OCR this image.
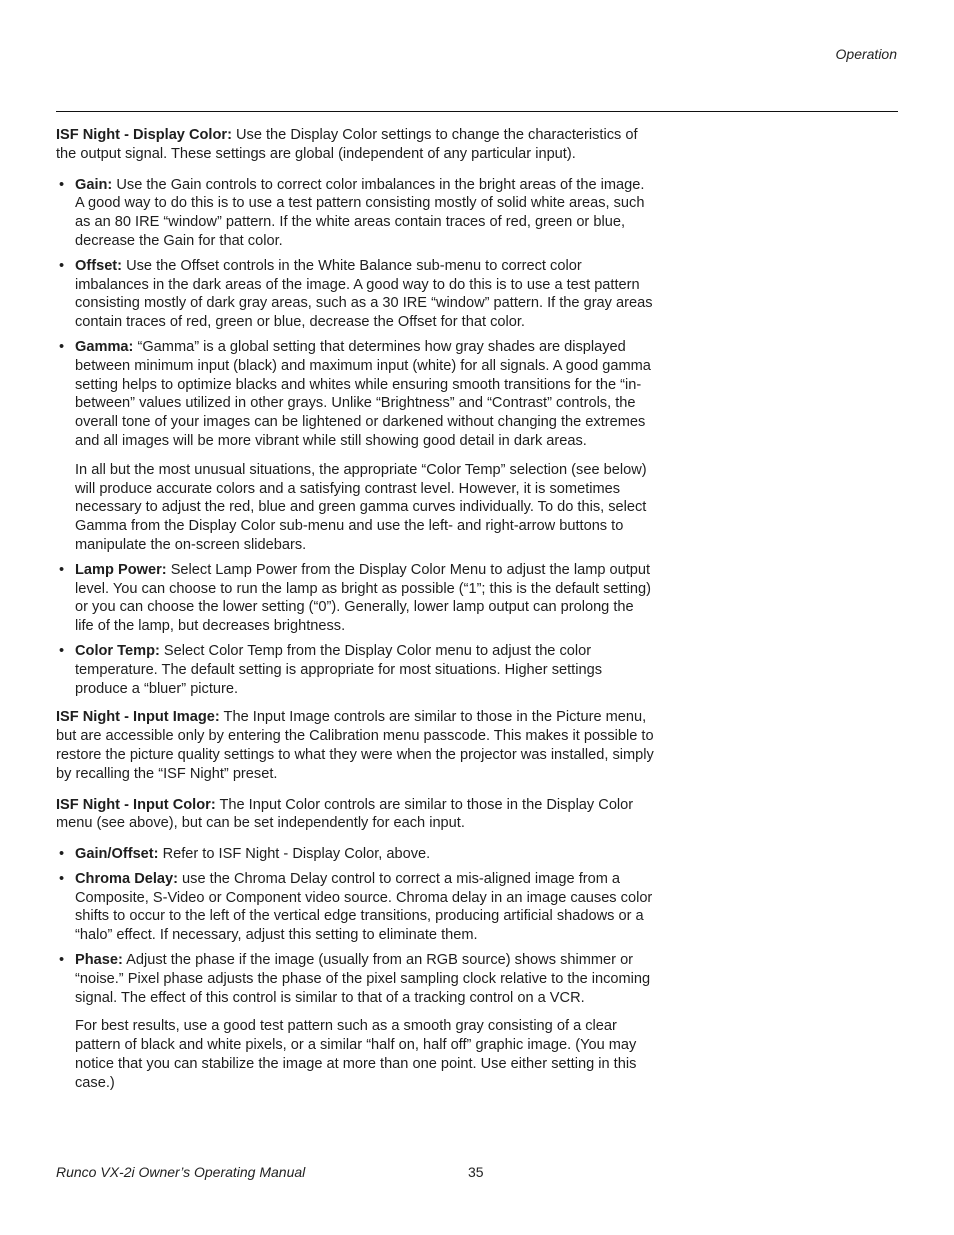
Operation

ISF Night - Display Color: Use the Display Color settings to change the characteristics of the output signal. These settings are global (independent of any particular input).

• Gain: Use the Gain controls to correct color imbalances in the bright areas of the image. A good way to do this is to use a test pattern consisting mostly of solid white areas, such as an 80 IRE “window” pattern. If the white areas contain traces of red, green or blue, decrease the Gain for that color.
• Offset: Use the Offset controls in the White Balance sub-menu to correct color imbalances in the dark areas of the image. A good way to do this is to use a test pattern consisting mostly of dark gray areas, such as a 30 IRE “window” pattern. If the gray areas contain traces of red, green or blue, decrease the Offset for that color.
• Gamma: “Gamma” is a global setting that determines how gray shades are displayed between minimum input (black) and maximum input (white) for all signals. A good gamma setting helps to optimize blacks and whites while ensuring smooth transitions for the “in-between” values utilized in other grays. Unlike “Brightness” and “Contrast” controls, the overall tone of your images can be lightened or darkened without changing the extremes and all images will be more vibrant while still showing good detail in dark areas.

In all but the most unusual situations, the appropriate “Color Temp” selection (see below) will produce accurate colors and a satisfying contrast level. However, it is sometimes necessary to adjust the red, blue and green gamma curves individually. To do this, select Gamma from the Display Color sub-menu and use the left- and right-arrow buttons to manipulate the on-screen slidebars.

• Lamp Power: Select Lamp Power from the Display Color Menu to adjust the lamp output level. You can choose to run the lamp as bright as possible (“1”; this is the default setting) or you can choose the lower setting (“0”). Generally, lower lamp output can prolong the life of the lamp, but decreases brightness.
• Color Temp: Select Color Temp from the Display Color menu to adjust the color temperature. The default setting is appropriate for most situations. Higher settings produce a “bluer” picture.

ISF Night - Input Image: The Input Image controls are similar to those in the Picture menu, but are accessible only by entering the Calibration menu passcode. This makes it possible to restore the picture quality settings to what they were when the projector was installed, simply by recalling the “ISF Night” preset.

ISF Night - Input Color: The Input Color controls are similar to those in the Display Color menu (see above), but can be set independently for each input.

• Gain/Offset: Refer to ISF Night - Display Color, above.
• Chroma Delay: use the Chroma Delay control to correct a mis-aligned image from a Composite, S-Video or Component video source. Chroma delay in an image causes color shifts to occur to the left of the vertical edge transitions, producing artificial shadows or a “halo” effect. If necessary, adjust this setting to eliminate them.
• Phase: Adjust the phase if the image (usually from an RGB source) shows shimmer or “noise.” Pixel phase adjusts the phase of the pixel sampling clock relative to the incoming signal. The effect of this control is similar to that of a tracking control on a VCR.

For best results, use a good test pattern such as a smooth gray consisting of a clear pattern of black and white pixels, or a similar “half on, half off” graphic image. (You may notice that you can stabilize the image at more than one point. Use either setting in this case.)

Runco VX-2i Owner’s Operating Manual	35
